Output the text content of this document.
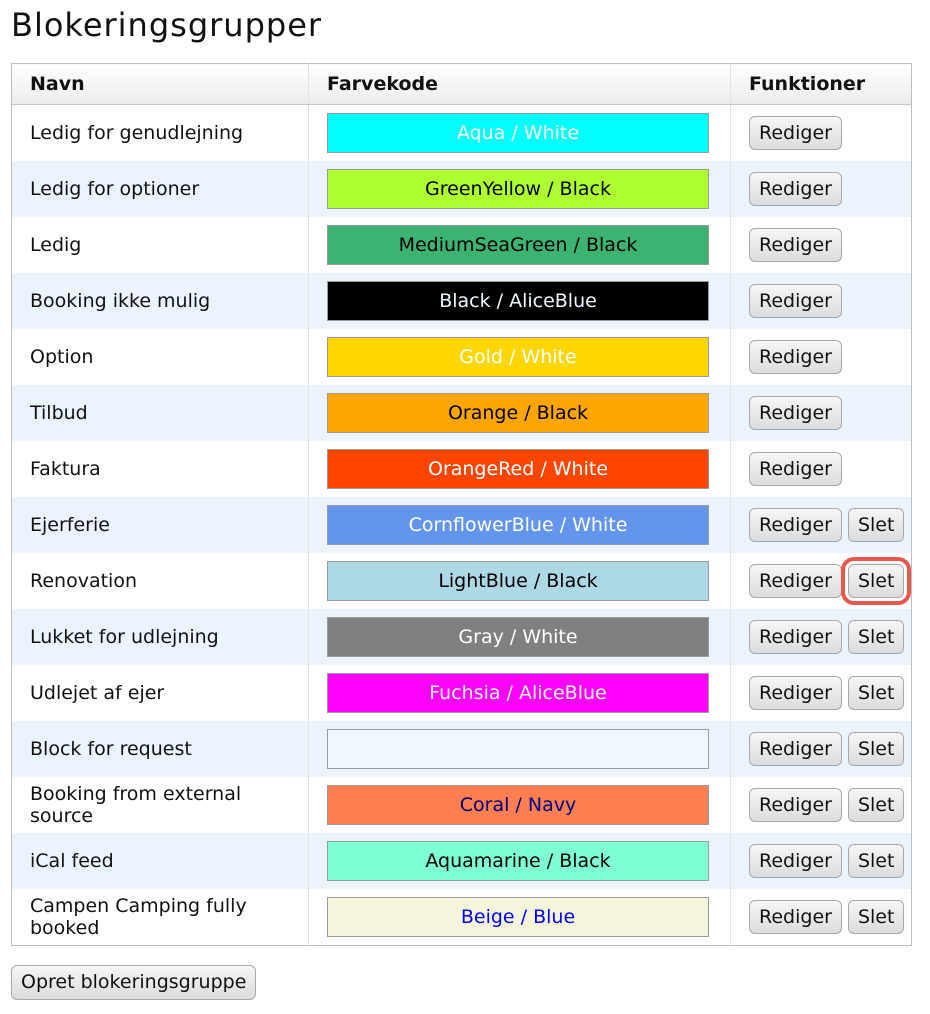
Blokeringsgrupper
Navn	Farvekode	Funktioner
Ledig for genudlejning	Aqua / White	Rediger
Ledig for optioner	GreenYellow / Black	Rediger
Ledig	MediumSeaGreen / Black	Rediger
Booking ikke mulig	Black / AliceBlue	Rediger
Option	Gold / White	Rediger
Tilbud	Orange / Black	Rediger
Faktura	OrangeRed / White	Rediger
Ejerferie	CornflowerBlue / White	Rediger Slet
Renovation	LightBlue / Black	Rediger Slet
Lukket for udlejning	Gray / White	Rediger Slet
Udlejet af ejer	Fuchsia / AliceBlue	Rediger Slet
Block for request	AliceBlue / AliceBlue	Rediger Slet
Booking from external source	Coral / Navy	Rediger Slet
iCal feed	Aquamarine / Black	Rediger Slet
Campen Camping fully booked	Beige / Blue	Rediger Slet
Opret blokeringsgruppe
